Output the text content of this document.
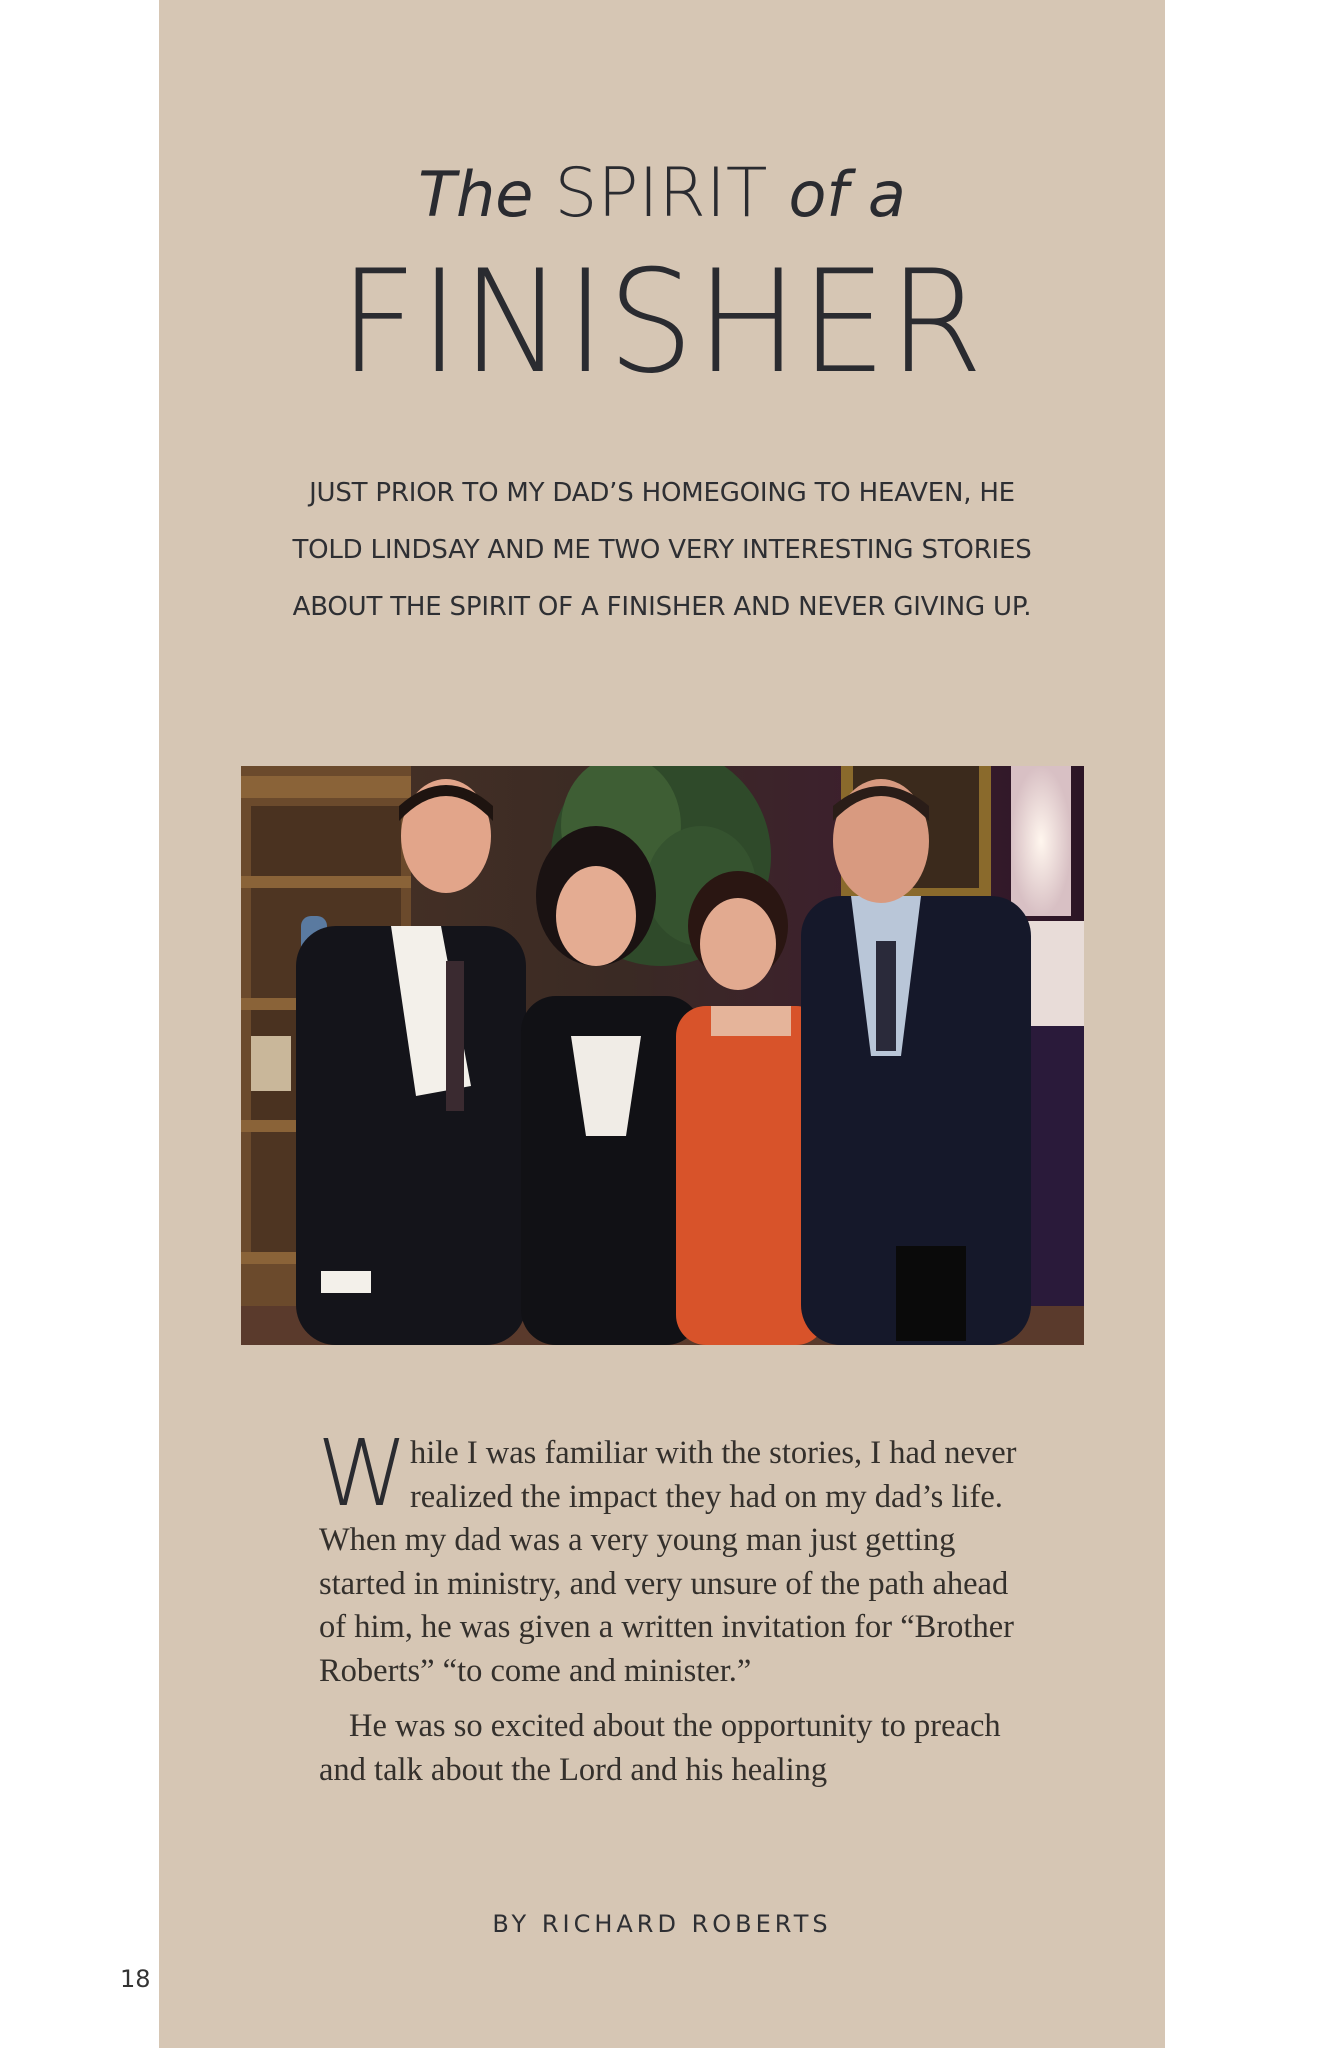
The SPIRIT of a
FINISHER
JUST PRIOR TO MY DAD’S HOMEGOING TO HEAVEN, HE TOLD LINDSAY AND ME TWO VERY INTERESTING STORIES ABOUT THE SPIRIT OF A FINISHER AND NEVER GIVING UP.

While I was familiar with the stories, I had never realized the impact they had on my dad’s life. When my dad was a very young man just getting started in ministry, and very unsure of the path ahead of him, he was given a written invitation for “Brother Roberts” “to come and minister.”

He was so excited about the opportunity to preach and talk about the Lord and his healing

BY RICHARD ROBERTS
18
